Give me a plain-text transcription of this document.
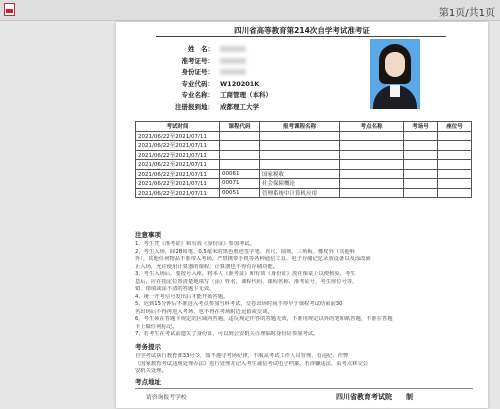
第1页/共1页
四川省高等教育第214次自学考试准考证
姓　名：
准考证号：
身份证号：
专业代码： W120201K
专业名称： 工商管理（本科）
注册报到地： 成都理工大学
考试时间	课程代码	报考课程名称	考点名称	考场号	座位号
2021/06/22至2021/07/11					
2021/06/22至2021/07/11					
2021/06/22至2021/07/11					
2021/06/22至2021/07/11					
2021/06/22至2021/07/11	00061	国家税收			
2021/06/22至2021/07/11	00071	社会保障概论			
2021/06/22至2021/07/11	00051	管理系统中计算机应用			
注意事项
1、考生凭《准考证》和有效《身份证》参加考试。
2、考生入场，除2B铅笔、0.5毫米的黑色墨迹签字笔、直尺、圆规、三角板、橡皮外（其他科
外），其他任何物品不准带入考场。严禁携带手机等各种通信工具、电子存储记忆录放设备以及涂改液
止入场，允许使用计算器的课程，计算器也不得有存储功能。
3、考生入场后，要按号入座，将本人《准考证》和有效《身份证》放在课桌上以便核验。考生
息后，应在指定位置清楚地填写（涂）姓名、课程代码、课程名称、准考证号、考生座位号等，
错、错填或涂不清的答题卡无效。
4、统一开考信号发出后才能开始答题。
5、迟到15分钟后不准进入考点参加当科考试，交卷出场时间不得早于课程考试结束前30
名出场后不得再进入考场，也不得在考场附近逗留或交谈。
6、考生须在答题卡规定的区域内答题，违反规定作答的答题无效，不准用规定以外的笔和纸答题，不准在答题
卡上做任何标记。
7、若考生在考试前遗失了身份证，可以到公安机关办理临时身份证参加考试。
考务提示
自学考试执行教育部33号令，如不遵守考场纪律，不服从考试工作人员管理，有违纪、作弊
《国家教育考试违规处理办法》进行处理并记入考生诚信考试电子档案。若涉嫌违法，由考点移交公
安机关处理。
考点地址
请咨询报考学校	四川省教育考试院　　制
